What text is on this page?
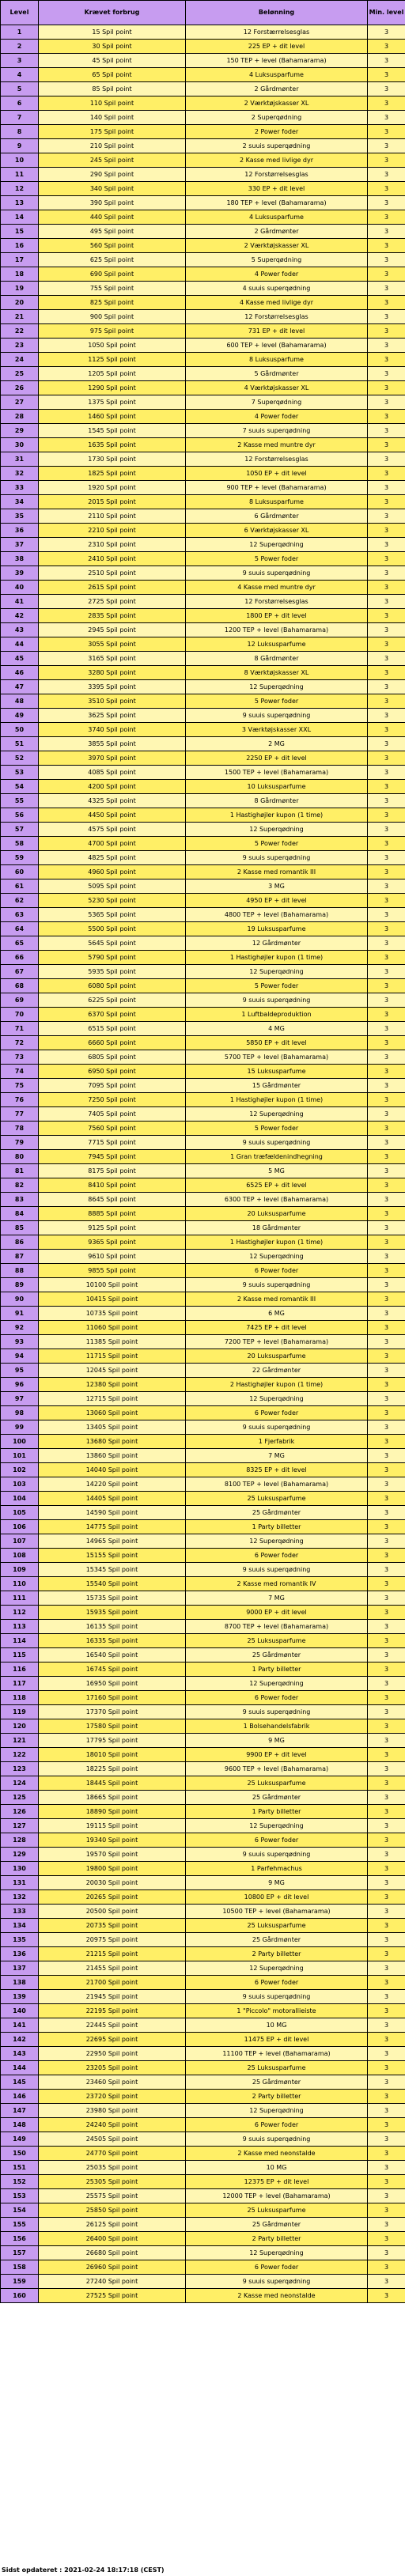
Level	Krævet forbrug	Belønning	Min. level
1	15 Spil point	12 Forstærrelsesglas	3
2	30 Spil point	225 EP + dit level	3
3	45 Spil point	150 TEP + level (Bahamarama)	3
4	65 Spil point	4 Luksusparfume	3
5	85 Spil point	2 Gårdmønter	3
6	110 Spil point	2 Værktøjskasser XL	3
7	140 Spil point	2 Superqødning	3
8	175 Spil point	2 Power foder	3
9	210 Spil point	2 suuis superqødning	3
10	245 Spil point	2 Kasse med livlige dyr	3
11	290 Spil point	12 Forstørrelsesglas	3
12	340 Spil point	330 EP + dit level	3
13	390 Spil point	180 TEP + level (Bahamarama)	3
14	440 Spil point	4 Luksusparfume	3
15	495 Spil point	2 Gårdmønter	3
16	560 Spil point	2 Værktøjskasser XL	3
17	625 Spil point	5 Superqødning	3
18	690 Spil point	4 Power foder	3
19	755 Spil point	4 suuis superqødning	3
20	825 Spil point	4 Kasse med livlige dyr	3
21	900 Spil point	12 Forstørrelsesglas	3
22	975 Spil point	731 EP + dit level	3
23	1050 Spil point	600 TEP + level (Bahamarama)	3
24	1125 Spil point	8 Luksusparfume	3
25	1205 Spil point	5 Gårdmønter	3
26	1290 Spil point	4 Værktøjskasser XL	3
27	1375 Spil point	7 Superqødning	3
28	1460 Spil point	4 Power foder	3
29	1545 Spil point	7 suuis superqødning	3
30	1635 Spil point	2 Kasse med muntre dyr	3
31	1730 Spil point	12 Forstørrelsesglas	3
32	1825 Spil point	1050 EP + dit level	3
33	1920 Spil point	900 TEP + level (Bahamarama)	3
34	2015 Spil point	8 Luksusparfume	3
35	2110 Spil point	6 Gårdmønter	3
36	2210 Spil point	6 Værktøjskasser XL	3
37	2310 Spil point	12 Superqødning	3
38	2410 Spil point	5 Power foder	3
39	2510 Spil point	9 suuis superqødning	3
40	2615 Spil point	4 Kasse med muntre dyr	3
41	2725 Spil point	12 Forstørrelsesglas	3
42	2835 Spil point	1800 EP + dit level	3
43	2945 Spil point	1200 TEP + level (Bahamarama)	3
44	3055 Spil point	12 Luksusparfume	3
45	3165 Spil point	8 Gårdmønter	3
46	3280 Spil point	8 Værktøjskasser XL	3
47	3395 Spil point	12 Superqødning	3
48	3510 Spil point	5 Power foder	3
49	3625 Spil point	9 suuis superqødning	3
50	3740 Spil point	3 Værktøjskasser XXL	3
51	3855 Spil point	2 MG	3
52	3970 Spil point	2250 EP + dit level	3
53	4085 Spil point	1500 TEP + level (Bahamarama)	3
54	4200 Spil point	10 Luksusparfume	3
55	4325 Spil point	8 Gårdmønter	3
56	4450 Spil point	1 Hastighøjler kupon (1 time)	3
57	4575 Spil point	12 Superqødning	3
58	4700 Spil point	5 Power foder	3
59	4825 Spil point	9 suuis superqødning	3
60	4960 Spil point	2 Kasse med romantik III	3
61	5095 Spil point	3 MG	3
62	5230 Spil point	4950 EP + dit level	3
63	5365 Spil point	4800 TEP + level (Bahamarama)	3
64	5500 Spil point	19 Luksusparfume	3
65	5645 Spil point	12 Gårdmønter	3
66	5790 Spil point	1 Hastighøjler kupon (1 time)	3
67	5935 Spil point	12 Superqødning	3
68	6080 Spil point	5 Power foder	3
69	6225 Spil point	9 suuis superqødning	3
70	6370 Spil point	1 Luftbaldeproduktion	3
71	6515 Spil point	4 MG	3
72	6660 Spil point	5850 EP + dit level	3
73	6805 Spil point	5700 TEP + level (Bahamarama)	3
74	6950 Spil point	15 Luksusparfume	3
75	7095 Spil point	15 Gårdmønter	3
76	7250 Spil point	1 Hastighøjler kupon (1 time)	3
77	7405 Spil point	12 Superqødning	3
78	7560 Spil point	5 Power foder	3
79	7715 Spil point	9 suuis superqødning	3
80	7945 Spil point	1 Gran træfældenindhegning	3
81	8175 Spil point	5 MG	3
82	8410 Spil point	6525 EP + dit level	3
83	8645 Spil point	6300 TEP + level (Bahamarama)	3
84	8885 Spil point	20 Luksusparfume	3
85	9125 Spil point	18 Gårdmønter	3
86	9365 Spil point	1 Hastighøjler kupon (1 time)	3
87	9610 Spil point	12 Superqødning	3
88	9855 Spil point	6 Power foder	3
89	10100 Spil point	9 suuis superqødning	3
90	10415 Spil point	2 Kasse med romantik III	3
91	10735 Spil point	6 MG	3
92	11060 Spil point	7425 EP + dit level	3
93	11385 Spil point	7200 TEP + level (Bahamarama)	3
94	11715 Spil point	20 Luksusparfume	3
95	12045 Spil point	22 Gårdmønter	3
96	12380 Spil point	2 Hastighøjler kupon (1 time)	3
97	12715 Spil point	12 Superqødning	3
98	13060 Spil point	6 Power foder	3
99	13405 Spil point	9 suuis superqødning	3
100	13680 Spil point	1 Fjerfabrik	3
101	13860 Spil point	7 MG	3
102	14040 Spil point	8325 EP + dit level	3
103	14220 Spil point	8100 TEP + level (Bahamarama)	3
104	14405 Spil point	25 Luksusparfume	3
105	14590 Spil point	25 Gårdmønter	3
106	14775 Spil point	1 Party billetter	3
107	14965 Spil point	12 Superqødning	3
108	15155 Spil point	6 Power foder	3
109	15345 Spil point	9 suuis superqødning	3
110	15540 Spil point	2 Kasse med romantik IV	3
111	15735 Spil point	7 MG	3
112	15935 Spil point	9000 EP + dit level	3
113	16135 Spil point	8700 TEP + level (Bahamarama)	3
114	16335 Spil point	25 Luksusparfume	3
115	16540 Spil point	25 Gårdmønter	3
116	16745 Spil point	1 Party billetter	3
117	16950 Spil point	12 Superqødning	3
118	17160 Spil point	6 Power foder	3
119	17370 Spil point	9 suuis superqødning	3
120	17580 Spil point	1 Bolsehandelsfabrik	3
121	17795 Spil point	9 MG	3
122	18010 Spil point	9900 EP + dit level	3
123	18225 Spil point	9600 TEP + level (Bahamarama)	3
124	18445 Spil point	25 Luksusparfume	3
125	18665 Spil point	25 Gårdmønter	3
126	18890 Spil point	1 Party billetter	3
127	19115 Spil point	12 Superqødning	3
128	19340 Spil point	6 Power foder	3
129	19570 Spil point	9 suuis superqødning	3
130	19800 Spil point	1 Parfehmachus	3
131	20030 Spil point	9 MG	3
132	20265 Spil point	10800 EP + dit level	3
133	20500 Spil point	10500 TEP + level (Bahamarama)	3
134	20735 Spil point	25 Luksusparfume	3
135	20975 Spil point	25 Gårdmønter	3
136	21215 Spil point	2 Party billetter	3
137	21455 Spil point	12 Superqødning	3
138	21700 Spil point	6 Power foder	3
139	21945 Spil point	9 suuis superqødning	3
140	22195 Spil point	1 "Piccolo" motorallieiste	3
141	22445 Spil point	10 MG	3
142	22695 Spil point	11475 EP + dit level	3
143	22950 Spil point	11100 TEP + level (Bahamarama)	3
144	23205 Spil point	25 Luksusparfume	3
145	23460 Spil point	25 Gårdmønter	3
146	23720 Spil point	2 Party billetter	3
147	23980 Spil point	12 Superqødning	3
148	24240 Spil point	6 Power foder	3
149	24505 Spil point	9 suuis superqødning	3
150	24770 Spil point	2 Kasse med neonstalde	3
151	25035 Spil point	10 MG	3
152	25305 Spil point	12375 EP + dit level	3
153	25575 Spil point	12000 TEP + level (Bahamarama)	3
154	25850 Spil point	25 Luksusparfume	3
155	26125 Spil point	25 Gårdmønter	3
156	26400 Spil point	2 Party billetter	3
157	26680 Spil point	12 Superqødning	3
158	26960 Spil point	6 Power foder	3
159	27240 Spil point	9 suuis superqødning	3
160	27525 Spil point	2 Kasse med neonstalde	3
Sidst opdateret : 2021-02-24 18:17:18 (CEST)
